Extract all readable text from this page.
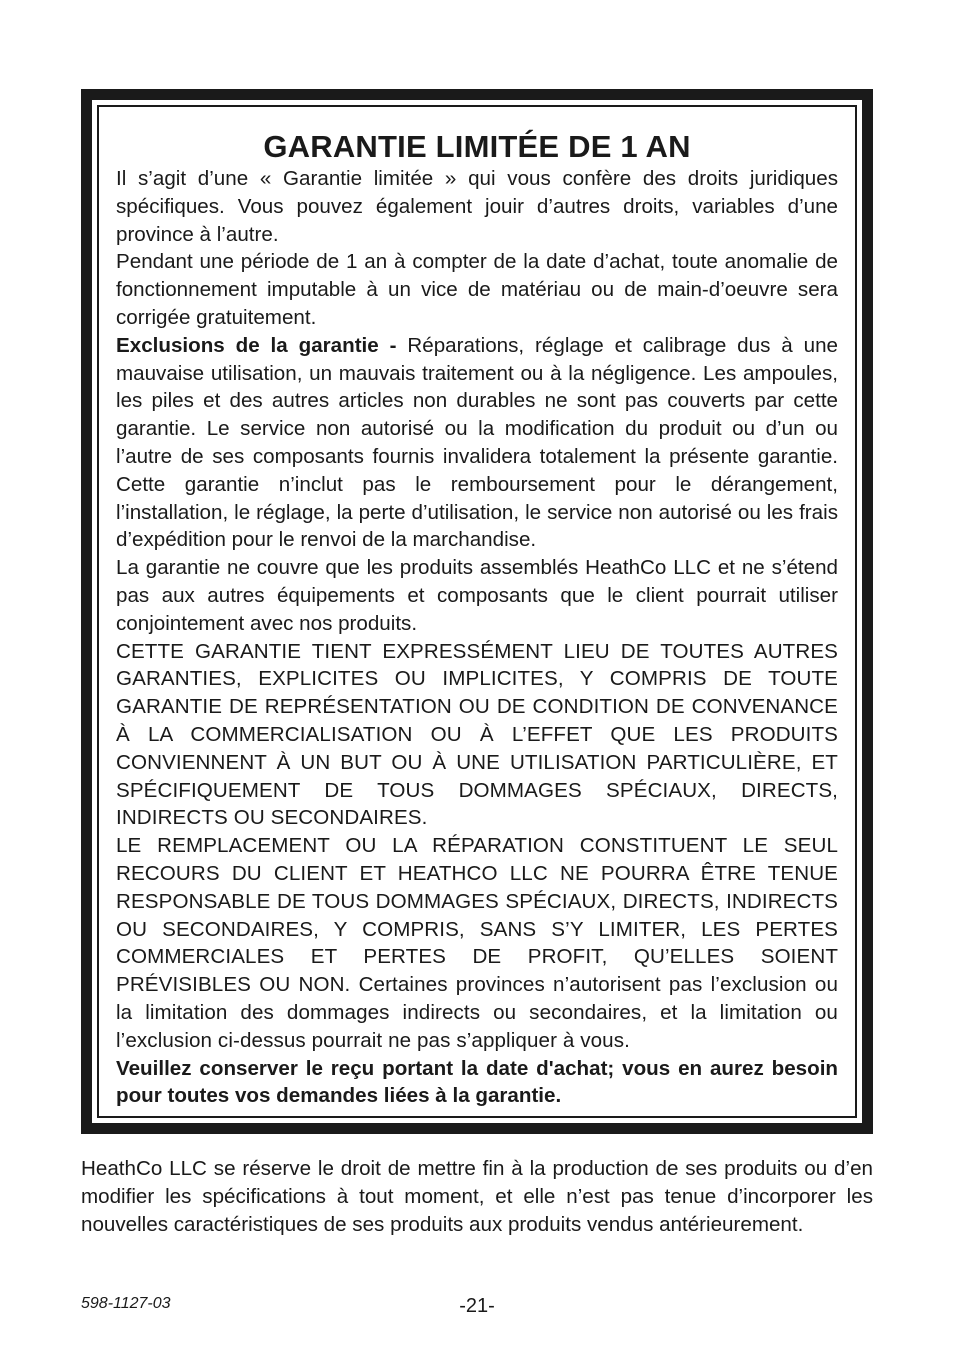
GARANTIE LIMITÉE DE 1 AN

Il s’agit d’une « Garantie limitée » qui vous confère des droits juridiques spécifiques. Vous pouvez également jouir d’autres droits, variables d’une province à l’autre.

Pendant une période de 1 an à compter de la date d’achat, toute anomalie de fonctionnement imputable à un vice de matériau ou de main-d’oeuvre sera corrigée gratuitement.

Exclusions de la garantie - Réparations, réglage et calibrage dus à une mauvaise utilisation, un mauvais traitement ou à la négligence. Les ampoules, les piles et des autres articles non durables ne sont pas couverts par cette garantie. Le service non autorisé ou la modification du produit ou d’un ou l’autre de ses composants fournis invalidera totalement la présente garantie. Cette garantie n’inclut pas le remboursement pour le dérangement, l’installation, le réglage, la perte d’utilisation, le service non autorisé ou les frais d’expédition pour le renvoi de la marchandise.

La garantie ne couvre que les produits assemblés HeathCo LLC et ne s’étend pas aux autres équipements et composants que le client pourrait utiliser conjointement avec nos produits.

CETTE GARANTIE TIENT EXPRESSÉMENT LIEU DE TOUTES AUTRES GARANTIES, EXPLICITES OU IMPLICITES, Y COMPRIS DE TOUTE GARANTIE DE REPRÉSENTATION OU DE CONDITION DE CONVENANCE À LA COMMERCIALISATION OU À L’EFFET QUE LES PRODUITS CONVIENNENT À UN BUT OU À UNE UTILISATION PARTICULIÈRE, ET SPÉCIFIQUEMENT DE TOUS DOMMAGES SPÉCIAUX, DIRECTS, INDIRECTS OU SECONDAIRES.

LE REMPLACEMENT OU LA RÉPARATION CONSTITUENT LE SEUL RECOURS DU CLIENT ET HEATHCO LLC NE POURRA ÊTRE TENUE RESPONSABLE DE TOUS DOMMAGES SPÉCIAUX, DIRECTS, INDIRECTS OU SECONDAIRES, Y COMPRIS, SANS S’Y LIMITER, LES PERTES COMMERCIALES ET PERTES DE PROFIT, QU’ELLES SOIENT PRÉVISIBLES OU NON. Certaines provinces n’autorisent pas l’exclusion ou la limitation des dommages indirects ou secondaires, et la limitation ou l’exclusion ci-dessus pourrait ne pas s’appliquer à vous.

Veuillez conserver le reçu portant la date d'achat; vous en aurez besoin pour toutes vos demandes liées à la garantie.

HeathCo LLC se réserve le droit de mettre fin à la production de ses produits ou d’en modifier les spécifications à tout moment, et elle n’est pas tenue d’incorporer les nouvelles caractéristiques de ses produits aux produits vendus antérieurement.

598-1127-03	-21-
